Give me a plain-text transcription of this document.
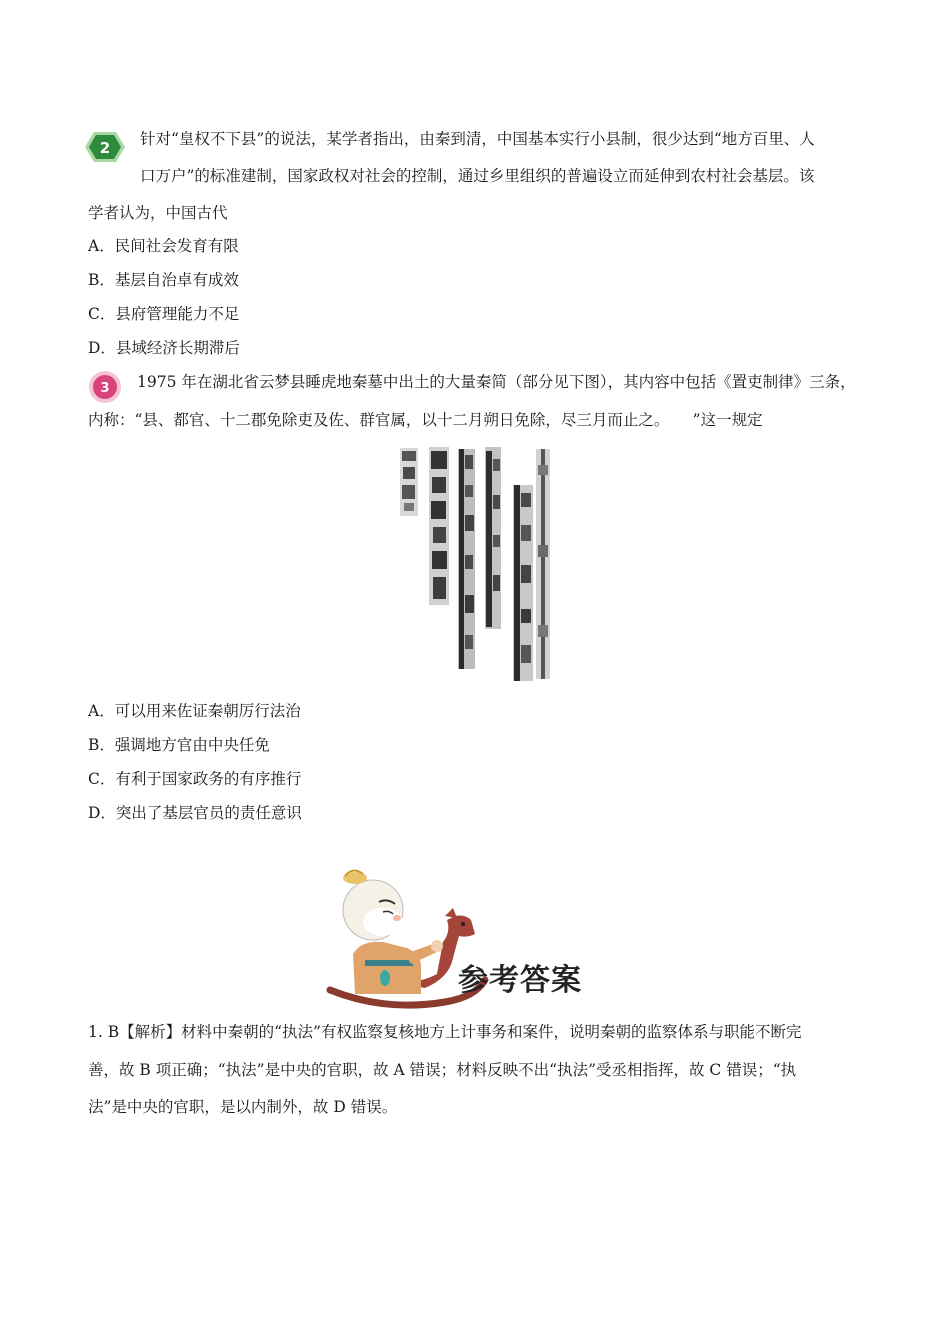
2 针对“皇权不下县”的说法，某学者指出，由秦到清，中国基本实行小县制，很少达到“地方百里、人
口万户”的标准建制，国家政权对社会的控制，通过乡里组织的普遍设立而延伸到农村社会基层。该
学者认为，中国古代
A．民间社会发育有限
B．基层自治卓有成效
C．县府管理能力不足
D．县域经济长期滞后
3 1975 年在湖北省云梦县睡虎地秦墓中出土的大量秦简（部分见下图），其内容中包括《置吏制律》三条，
内称：“县、都官、十二郡免除吏及佐、群官属，以十二月朔日免除，尽三月而止之。　　”这一规定
A．可以用来佐证秦朝厉行法治
B．强调地方官由中央任免
C．有利于国家政务的有序推行
D．突出了基层官员的责任意识
参考答案
1. B【解析】材料中秦朝的“执法”有权监察复核地方上计事务和案件，说明秦朝的监察体系与职能不断完
善，故 B 项正确；“执法”是中央的官职，故 A 错误；材料反映不出“执法”受丞相指挥，故 C 错误；“执
法”是中央的官职，是以内制外，故 D 错误。
